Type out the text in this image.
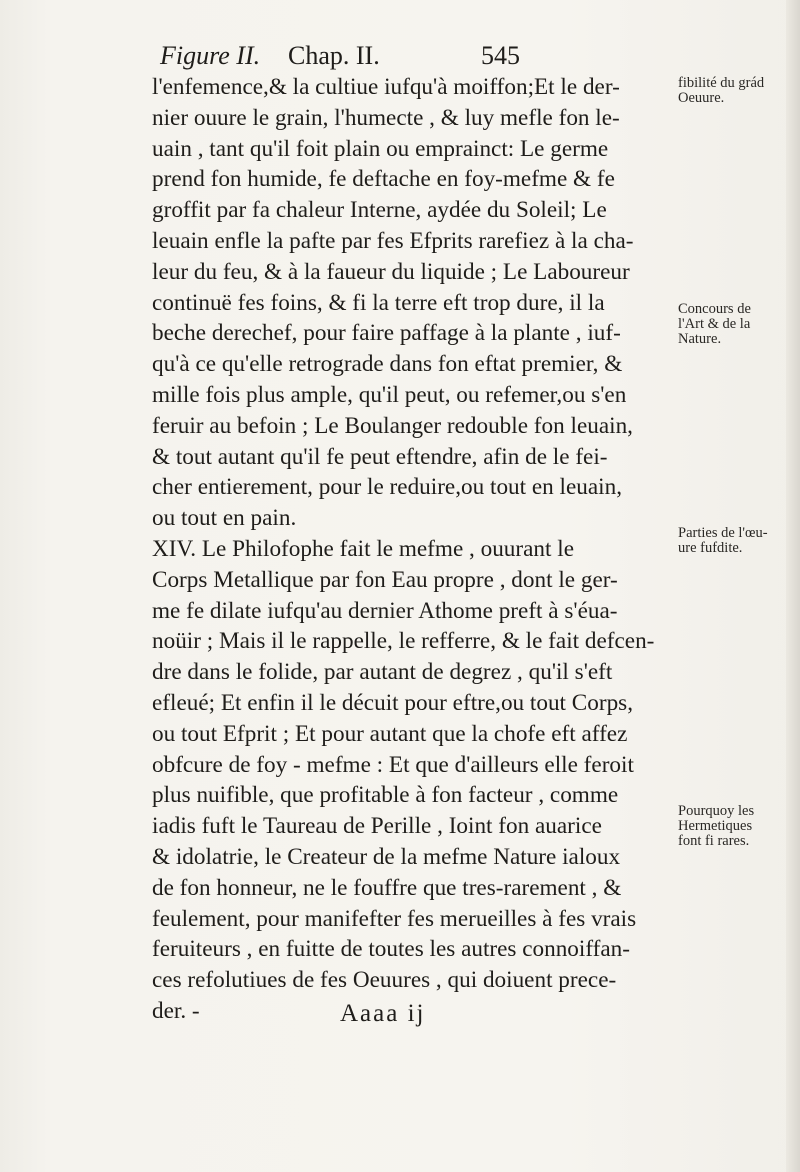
Figure II. Chap. II.	545
l'enfemence,& la cultiue iufqu'à moiffon;Et le der-
nier ouure le grain, l'humecte , & luy mefle fon le-
uain , tant qu'il foit plain ou emprainct: Le germe
prend fon humide, fe deftache en foy-mefme & fe
groffit par fa chaleur Interne, aydée du Soleil; Le
leuain enfle la pafte par fes Efprits rarefiez à la cha-
leur du feu, & à la faueur du liquide ; Le Laboureur
continuë fes foins, & fi la terre eft trop dure, il la
beche derechef, pour faire paffage à la plante , iuf-
qu'à ce qu'elle retrograde dans fon eftat premier, &
mille fois plus ample, qu'il peut, ou refemer,ou s'en
feruir au befoin ; Le Boulanger redouble fon leuain,
& tout autant qu'il fe peut eftendre, afin de le fei-
cher entierement, pour le reduire,ou tout en leuain,
ou tout en pain.
XIV. Le Philofophe fait le mefme , ouurant le
Corps Metallique par fon Eau propre , dont le ger-
me fe dilate iufqu'au dernier Athome preft à s'éua-
noüir ; Mais il le rappelle, le refferre, & le fait defcen-
dre dans le folide, par autant de degrez , qu'il s'eft
efleué; Et enfin il le décuit pour eftre,ou tout Corps,
ou tout Efprit ; Et pour autant que la chofe eft affez
obfcure de foy - mefme : Et que d'ailleurs elle feroit
plus nuifible, que profitable à fon facteur , comme
iadis fuft le Taureau de Perille , Ioint fon auarice
& idolatrie, le Createur de la mefme Nature ialoux
de fon honneur, ne le fouffre que tres-rarement , &
feulement, pour manifefter fes merueilles à fes vrais
feruiteurs , en fuitte de toutes les autres connoiffan-
ces refolutiues de fes Oeuures , qui doiuent prece-
der. -
fibilité du grád
Oeuure.
Concours de
l'Art & de la
Nature.
Parties de l'œu-
ure fufdite.
Pourquoy les
Hermetiques
font fi rares.
Aaaa ij
